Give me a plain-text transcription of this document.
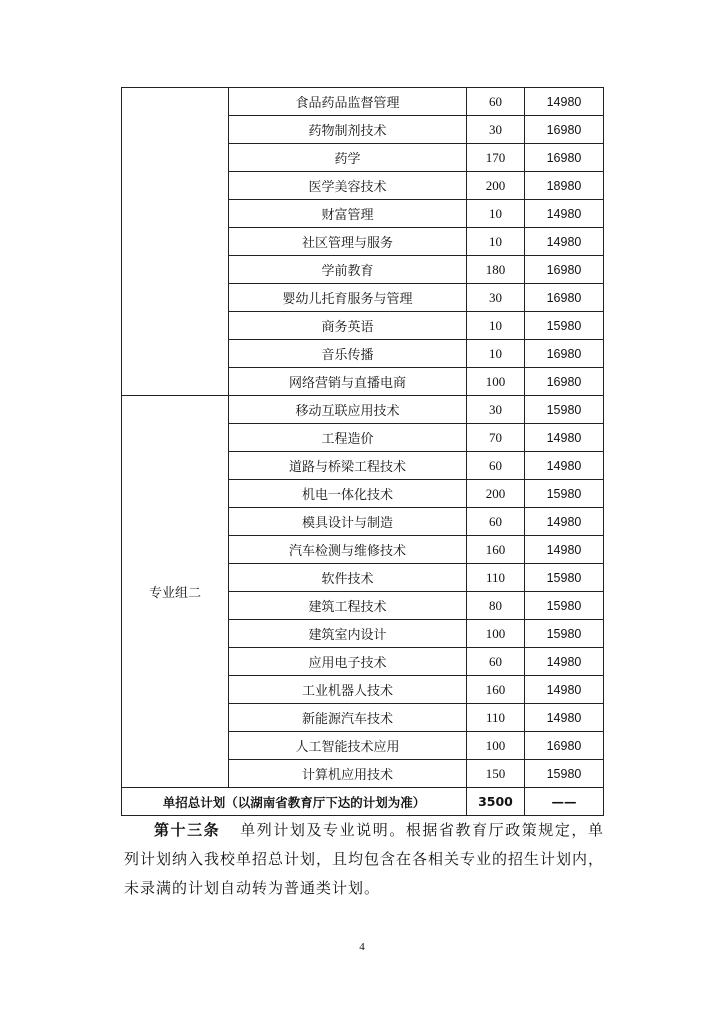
	食品药品监督管理	60	14980
	药物制剂技术	30	16980
	药学	170	16980
	医学美容技术	200	18980
	财富管理	10	14980
	社区管理与服务	10	14980
	学前教育	180	16980
	婴幼儿托育服务与管理	30	16980
	商务英语	10	15980
	音乐传播	10	16980
	网络营销与直播电商	100	16980
专业组二	移动互联应用技术	30	15980
	工程造价	70	14980
	道路与桥梁工程技术	60	14980
	机电一体化技术	200	15980
	模具设计与制造	60	14980
	汽车检测与维修技术	160	14980
	软件技术	110	15980
	建筑工程技术	80	15980
	建筑室内设计	100	15980
	应用电子技术	60	14980
	工业机器人技术	160	14980
	新能源汽车技术	110	14980
	人工智能技术应用	100	16980
	计算机应用技术	150	15980
单招总计划（以湖南省教育厅下达的计划为准）		3500	——
第十三条 单列计划及专业说明。根据省教育厅政策规定，单列计划纳入我校单招总计划，且均包含在各相关专业的招生计划内，未录满的计划自动转为普通类计划。
4
